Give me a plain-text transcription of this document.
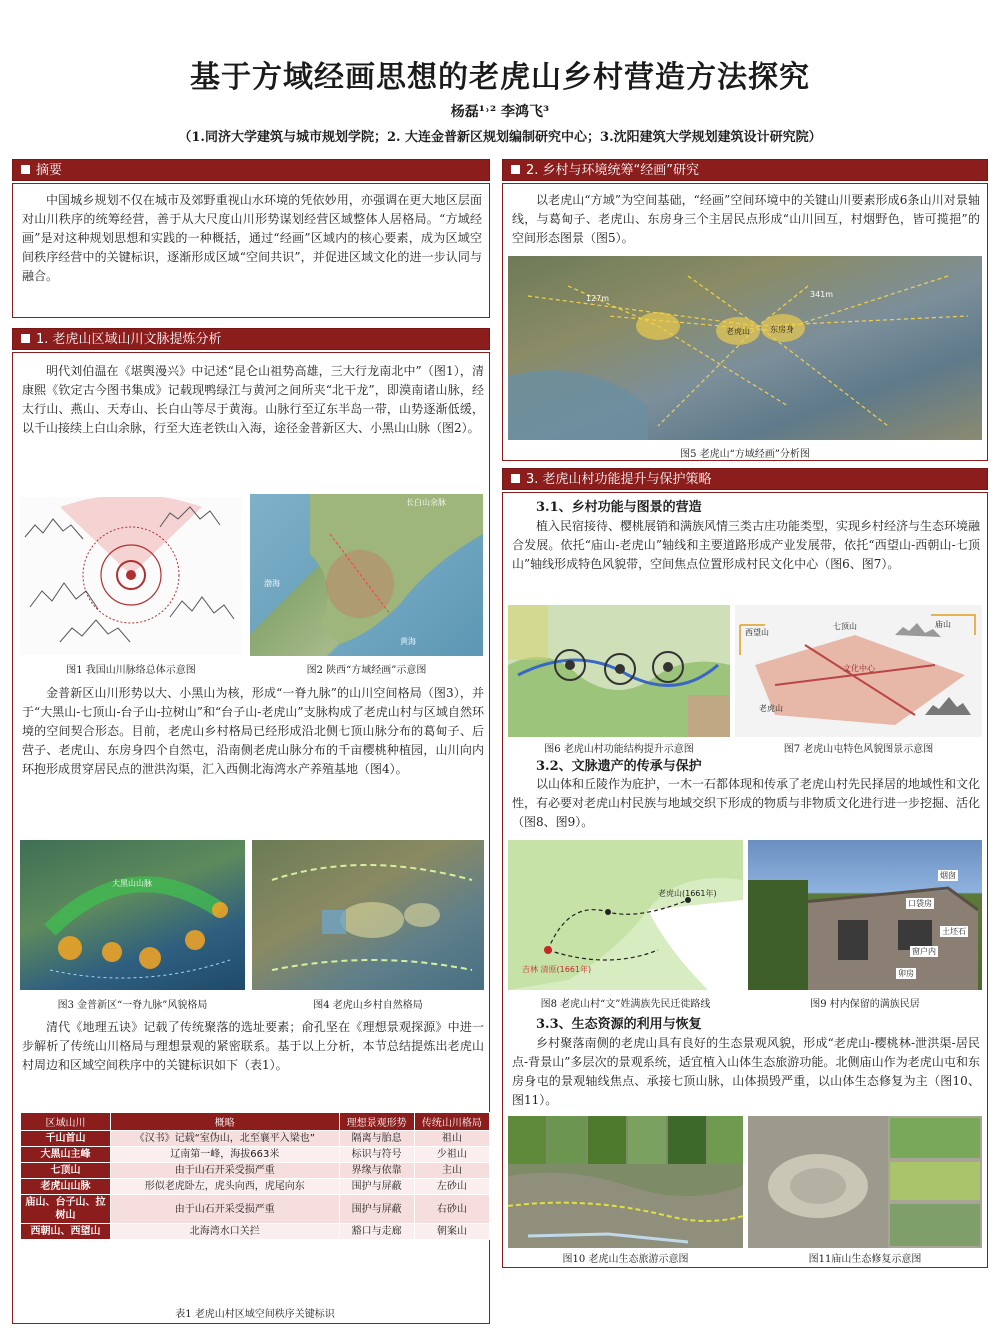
基于方域经画思想的老虎山乡村营造方法探究
杨磊¹˒² 李鸿飞³
（1.同济大学建筑与城市规划学院；2. 大连金普新区规划编制研究中心；3.沈阳建筑大学规划建筑设计研究院）
摘要
中国城乡规划不仅在城市及郊野重视山水环境的凭依妙用，亦强调在更大地区层面对山川秩序的统筹经营，善于从大尺度山川形势谋划经营区域整体人居格局。“方域经画”是对这种规划思想和实践的一种概括，通过“经画”区域内的核心要素，成为区域空间秩序经营中的关键标识，逐渐形成区域“空间共识”，并促进区域文化的进一步认同与融合。
1. 老虎山区域山川文脉提炼分析
明代刘伯温在《堪舆漫兴》中记述“昆仑山祖势高雄，三大行龙南北中”（图1），清康熙《钦定古今图书集成》记载现鸭绿江与黄河之间所夹“北干龙”，即漠南诸山脉，经太行山、燕山、天寿山、长白山等尽于黄海。山脉行至辽东半岛一带，山势逐渐低缓，以千山接续上白山余脉，行至大连老铁山入海，途径金普新区大、小黑山山脉（图2）。
图1 我国山川脉络总体示意图
长白山余脉
渤海
黄海
图2 陕西“方域经画”示意图
金普新区山川形势以大、小黑山为核，形成“一脊九脉”的山川空间格局（图3），并于“大黑山-七顶山-台子山-拉树山”和“台子山-老虎山”支脉构成了老虎山村与区域自然环境的空间契合形态。目前，老虎山乡村格局已经形成沿北侧七顶山脉分布的葛甸子、后营子、老虎山、东房身四个自然屯，沿南侧老虎山脉分布的千亩樱桃种植园，山川向内环抱形成贯穿居民点的泄洪沟渠，汇入西侧北海湾水产养殖基地（图4）。
大黑山山脉
图3 金普新区“一脊九脉”风貌格局	图4 老虎山乡村自然格局
清代《地理五诀》记载了传统聚落的选址要素；俞孔坚在《理想景观探源》中进一步解析了传统山川格局与理想景观的紧密联系。基于以上分析，本节总结提炼出老虎山村周边和区域空间秩序中的关键标识如下（表1）。
区域山川	概略	理想景观形势	传统山川格局
千山首山	《汉书》记载“室伪山，北至襄平入梁也”	隔离与胎息	祖山
大黑山主峰	辽南第一峰，海拔663米	标识与符号	少祖山
七顶山	由于山石开采受损严重	界缘与依靠	主山
老虎山山脉	形似老虎卧左，虎头向西，虎尾向东	围护与屏蔽	左砂山
庙山、台子山、拉树山	由于山石开采受损严重	围护与屏蔽	右砂山
西朝山、西望山	北海湾水口关拦	豁口与走廊	朝案山
表1 老虎山村区域空间秩序关键标识
2. 乡村与环境统筹“经画”研究
以老虎山“方域”为空间基础，“经画”空间环境中的关键山川要素形成6条山川对景轴线，与葛甸子、老虎山、东房身三个主居民点形成“山川回互，村烟野色，皆可揽挹”的空间形态图景（图5）。
127m	341m
老虎山	东房身
图5 老虎山“方域经画”分析图
3. 老虎山村功能提升与保护策略
3.1、乡村功能与图景的营造
植入民宿接待、樱桃展销和满族风情三类古庄功能类型，实现乡村经济与生态环境融合发展。依托“庙山-老虎山”轴线和主要道路形成产业发展带，依托“西望山-西朝山-七顶山”轴线形成特色风貌带，空间焦点位置形成村民文化中心（图6、图7）。
图6 老虎山村功能结构提升示意图
西望山
七顶山
文化中心
庙山
老虎山
图7 老虎山屯特色风貌图景示意图
3.2、文脉遗产的传承与保护
以山体和丘陵作为庇护，一木一石都体现和传承了老虎山村先民择居的地域性和文化性，有必要对老虎山村民族与地域交织下形成的物质与非物质文化进行进一步挖掘、活化（图8、图9）。
老虎山(1661年)
吉林 清原(1661年)
图8 老虎山村“文”姓满族先民迁徙路线
烟囱
口袋房
土坯石
窗户内
卯房
图9 村内保留的满族民居
3.3、生态资源的利用与恢复
乡村聚落南侧的老虎山具有良好的生态景观风貌，形成“老虎山-樱桃林-泄洪渠-居民点-背景山”多层次的景观系统，适宜植入山体生态旅游功能。北侧庙山作为老虎山屯和东房身屯的景观轴线焦点、承接七顶山脉，山体损毁严重，以山体生态修复为主（图10、图11）。
图10 老虎山生态旅游示意图	图11庙山生态修复示意图
